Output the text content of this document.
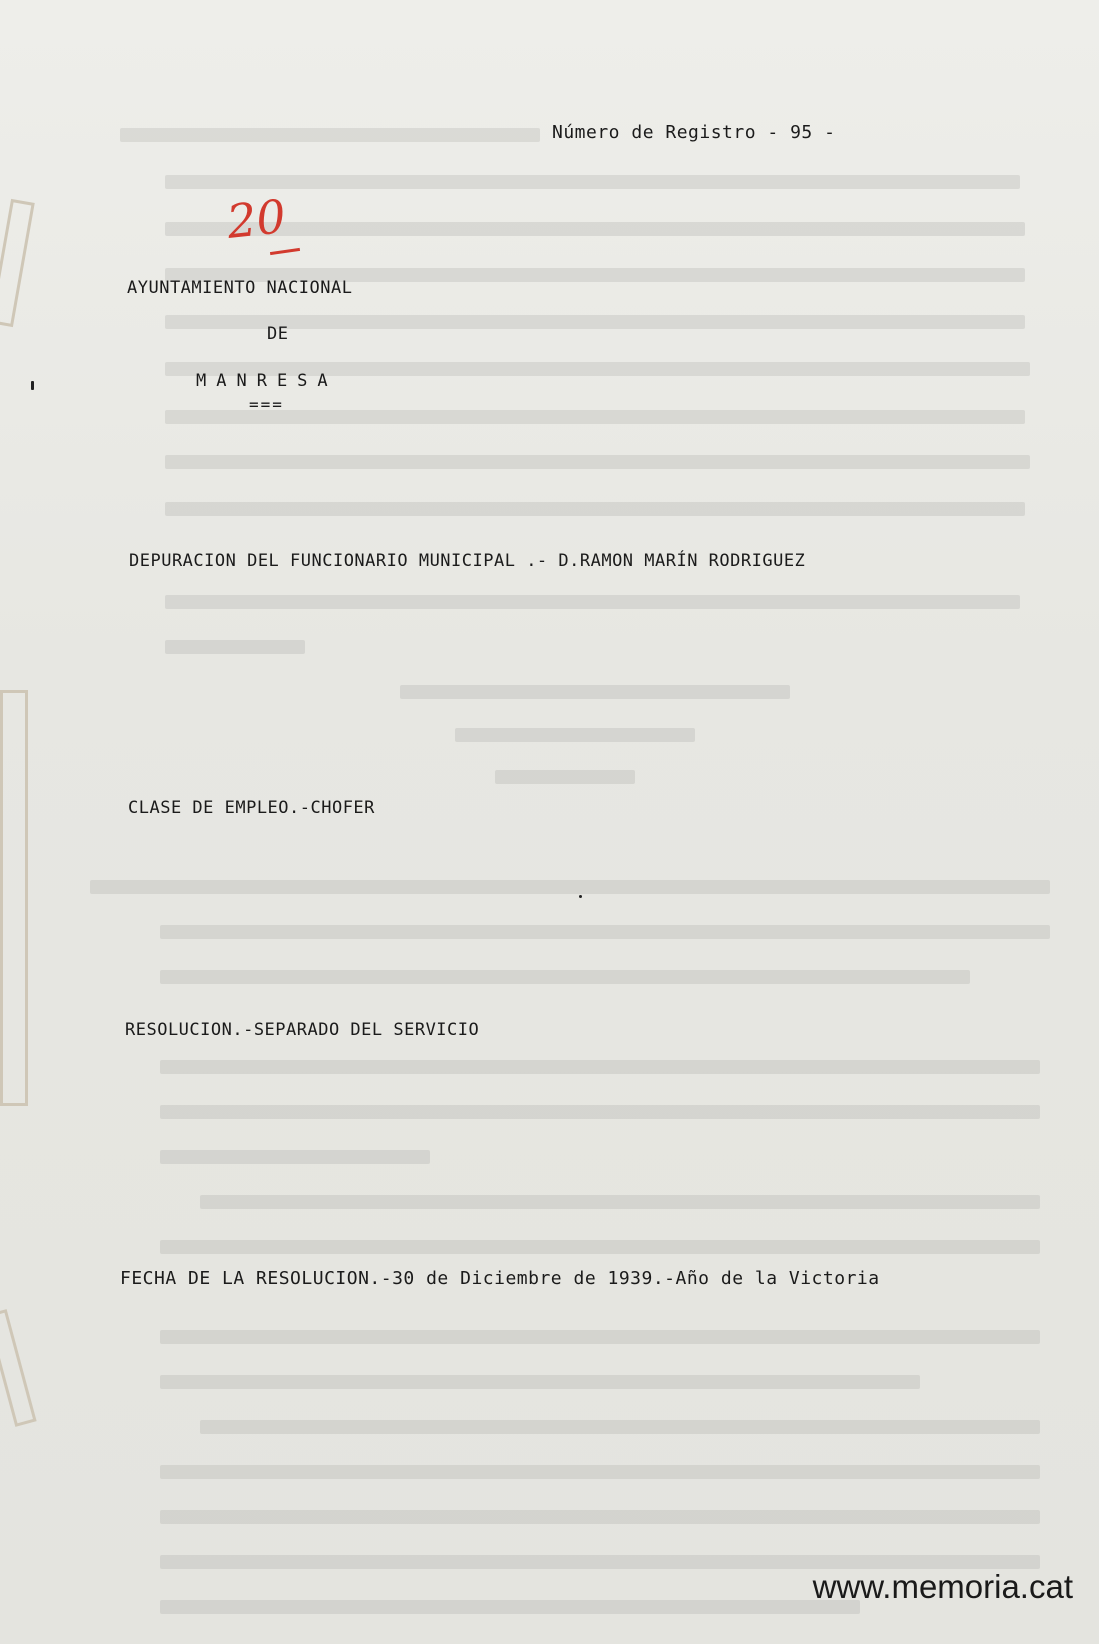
20
Número de Registro - 95 -
AYUNTAMIENTO NACIONAL
DE
MANRESA
===
DEPURACION DEL FUNCIONARIO MUNICIPAL .- D.RAMON MARÍN RODRIGUEZ
CLASE DE EMPLEO.-CHOFER
RESOLUCION.-SEPARADO DEL SERVICIO
FECHA DE LA RESOLUCION.-30 de Diciembre de 1939.-Año de la Victoria
www.memoria.cat
